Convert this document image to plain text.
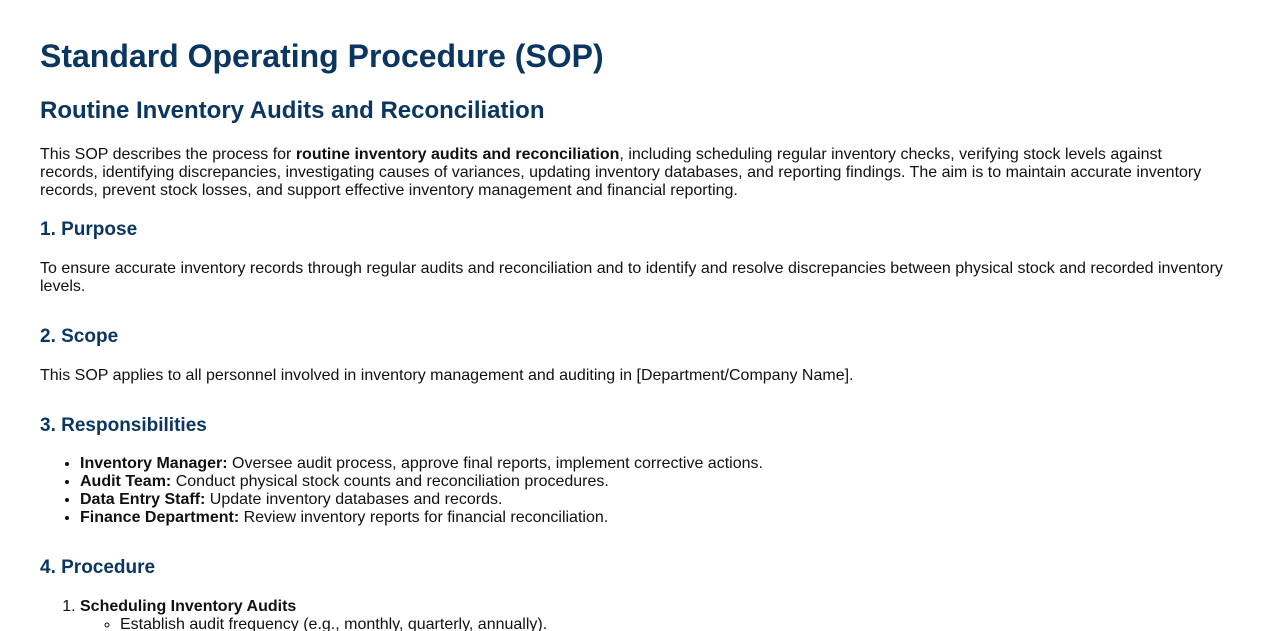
Standard Operating Procedure (SOP)
Routine Inventory Audits and Reconciliation

This SOP describes the process for routine inventory audits and reconciliation, including scheduling regular inventory checks, verifying stock levels against records, identifying discrepancies, investigating causes of variances, updating inventory databases, and reporting findings. The aim is to maintain accurate inventory records, prevent stock losses, and support effective inventory management and financial reporting.

1. Purpose

To ensure accurate inventory records through regular audits and reconciliation and to identify and resolve discrepancies between physical stock and recorded inventory levels.

2. Scope

This SOP applies to all personnel involved in inventory management and auditing in [Department/Company Name].

3. Responsibilities
• Inventory Manager: Oversee audit process, approve final reports, implement corrective actions.
• Audit Team: Conduct physical stock counts and reconciliation procedures.
• Data Entry Staff: Update inventory databases and records.
• Finance Department: Review inventory reports for financial reconciliation.
4. Procedure
1. Scheduling Inventory Audits
◦ Establish audit frequency (e.g., monthly, quarterly, annually).
